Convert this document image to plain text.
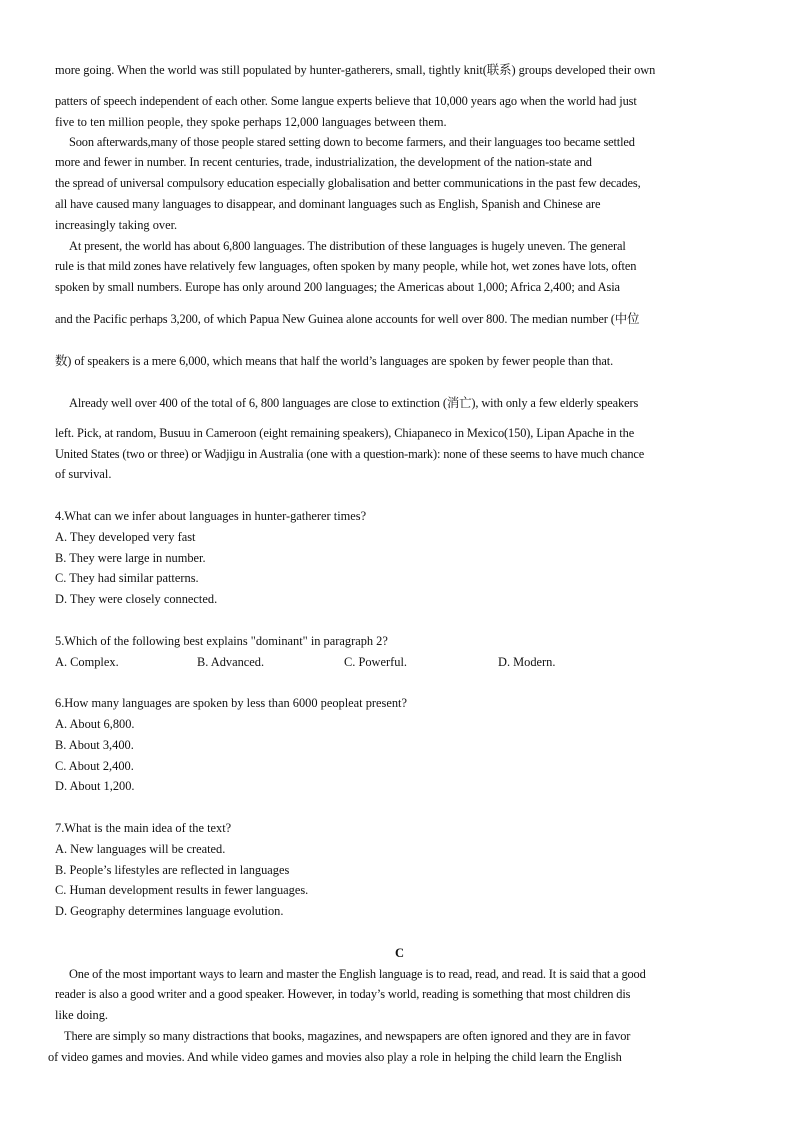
more going. When the world was still populated by hunter-gatherers, small, tightly knit(联系) groups developed their own
patters of speech independent of each other. Some langue experts believe that 10,000 years ago when the world had just
five to ten million people, they spoke perhaps 12,000 languages between them.
Soon afterwards,many of those people stared setting down to become farmers, and their languages too became settled
more and fewer in number. In recent centuries, trade, industrialization, the development of the nation-state and
the spread of universal compulsory education especially globalisation and better communications in the past few decades,
all have caused many languages to disappear, and dominant languages such as English, Spanish and Chinese are
increasingly taking over.
At present, the world has about 6,800 languages. The distribution of these languages is hugely uneven. The general
rule is that mild zones have relatively few languages, often spoken by many people, while hot, wet zones have lots, often
spoken by small numbers. Europe has only around 200 languages; the Americas about 1,000; Africa 2,400; and Asia
and the Pacific perhaps 3,200, of which Papua New Guinea alone accounts for well over 800. The median number (中位
数) of speakers is a mere 6,000, which means that half the world’s languages are spoken by fewer people than that.
Already well over 400 of the total of 6, 800 languages are close to extinction (消亡), with only a few elderly speakers
left. Pick, at random, Busuu in Cameroon (eight remaining speakers), Chiapaneco in Mexico(150), Lipan Apache in the
United States (two or three) or Wadjigu in Australia (one with a question-mark): none of these seems to have much chance
of survival.
4.What can we infer about languages in hunter-gatherer times?
A. They developed very fast
B. They were large in number.
C. They had similar patterns.
D. They were closely connected.
5.Which of the following best explains "dominant" in paragraph 2?
A. Complex.	B. Advanced.	C. Powerful.	D. Modern.
6.How many languages are spoken by less than 6000 peopleat present?
A. About 6,800.
B. About 3,400.
C. About 2,400.
D. About 1,200.
7.What is the main idea of the text?
A. New languages will be created.
B. People’s lifestyles are reflected in languages
C. Human development results in fewer languages.
D. Geography determines language evolution.
C
One of the most important ways to learn and master the English language is to read, read, and read. It is said that a good
reader is also a good writer and a good speaker. However, in today’s world, reading is something that most children dis
like doing.
There are simply so many distractions that books, magazines, and newspapers are often ignored and they are in favor
of video games and movies. And while video games and movies also play a role in helping the child learn the English
